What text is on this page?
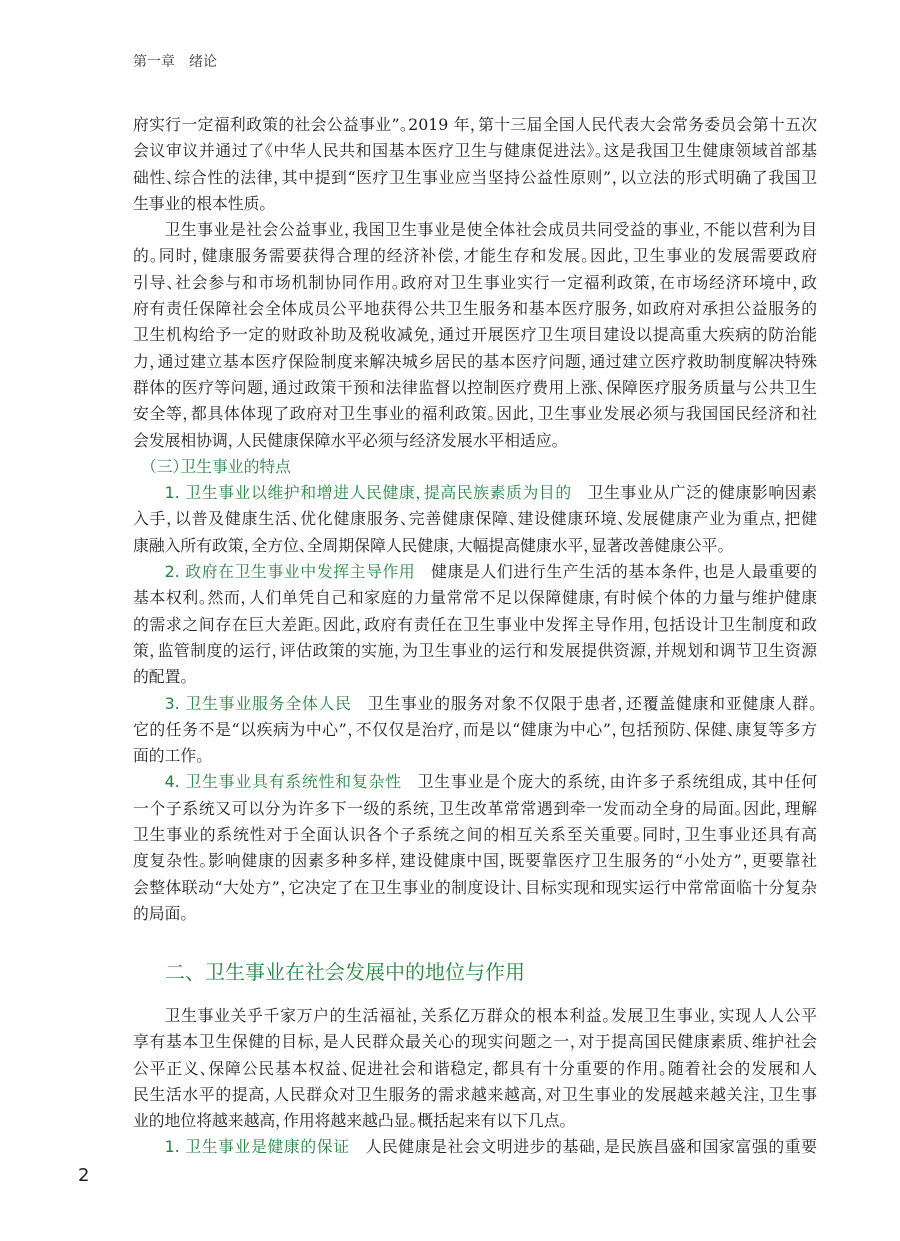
第一章　绪论
府实行一定福利政策的社会公益事业”。2019 年，第十三届全国人民代表大会常务委员会第十五次
会议审议并通过了《中华人民共和国基本医疗卫生与健康促进法》。这是我国卫生健康领域首部基
础性、综合性的法律，其中提到“医疗卫生事业应当坚持公益性原则”，以立法的形式明确了我国卫
生事业的根本性质。
卫生事业是社会公益事业，我国卫生事业是使全体社会成员共同受益的事业，不能以营利为目
的。同时，健康服务需要获得合理的经济补偿，才能生存和发展。因此，卫生事业的发展需要政府
引导、社会参与和市场机制协同作用。政府对卫生事业实行一定福利政策，在市场经济环境中，政
府有责任保障社会全体成员公平地获得公共卫生服务和基本医疗服务，如政府对承担公益服务的
卫生机构给予一定的财政补助及税收减免，通过开展医疗卫生项目建设以提高重大疾病的防治能
力，通过建立基本医疗保险制度来解决城乡居民的基本医疗问题，通过建立医疗救助制度解决特殊
群体的医疗等问题，通过政策干预和法律监督以控制医疗费用上涨、保障医疗服务质量与公共卫生
安全等，都具体体现了政府对卫生事业的福利政策。因此，卫生事业发展必须与我国国民经济和社
会发展相协调，人民健康保障水平必须与经济发展水平相适应。
（三）卫生事业的特点
1. 卫生事业以维护和增进人民健康，提高民族素质为目的 卫生事业从广泛的健康影响因素
入手，以普及健康生活、优化健康服务、完善健康保障、建设健康环境、发展健康产业为重点，把健
康融入所有政策，全方位、全周期保障人民健康，大幅提高健康水平，显著改善健康公平。
2. 政府在卫生事业中发挥主导作用 健康是人们进行生产生活的基本条件，也是人最重要的
基本权利。然而，人们单凭自己和家庭的力量常常不足以保障健康，有时候个体的力量与维护健康
的需求之间存在巨大差距。因此，政府有责任在卫生事业中发挥主导作用，包括设计卫生制度和政
策，监管制度的运行，评估政策的实施，为卫生事业的运行和发展提供资源，并规划和调节卫生资源
的配置。
3. 卫生事业服务全体人民 卫生事业的服务对象不仅限于患者，还覆盖健康和亚健康人群。
它的任务不是“以疾病为中心”，不仅仅是治疗，而是以“健康为中心”，包括预防、保健、康复等多方
面的工作。
4. 卫生事业具有系统性和复杂性 卫生事业是个庞大的系统，由许多子系统组成，其中任何
一个子系统又可以分为许多下一级的系统，卫生改革常常遇到牵一发而动全身的局面。因此，理解
卫生事业的系统性对于全面认识各个子系统之间的相互关系至关重要。同时，卫生事业还具有高
度复杂性。影响健康的因素多种多样，建设健康中国，既要靠医疗卫生服务的“小处方”，更要靠社
会整体联动“大处方”，它决定了在卫生事业的制度设计、目标实现和现实运行中常常面临十分复杂
的局面。
二、卫生事业在社会发展中的地位与作用
卫生事业关乎千家万户的生活福祉，关系亿万群众的根本利益。发展卫生事业，实现人人公平
享有基本卫生保健的目标，是人民群众最关心的现实问题之一，对于提高国民健康素质、维护社会
公平正义、保障公民基本权益、促进社会和谐稳定，都具有十分重要的作用。随着社会的发展和人
民生活水平的提高，人民群众对卫生服务的需求越来越高，对卫生事业的发展越来越关注，卫生事
业的地位将越来越高，作用将越来越凸显。概括起来有以下几点。
1. 卫生事业是健康的保证 人民健康是社会文明进步的基础，是民族昌盛和国家富强的重要
2
